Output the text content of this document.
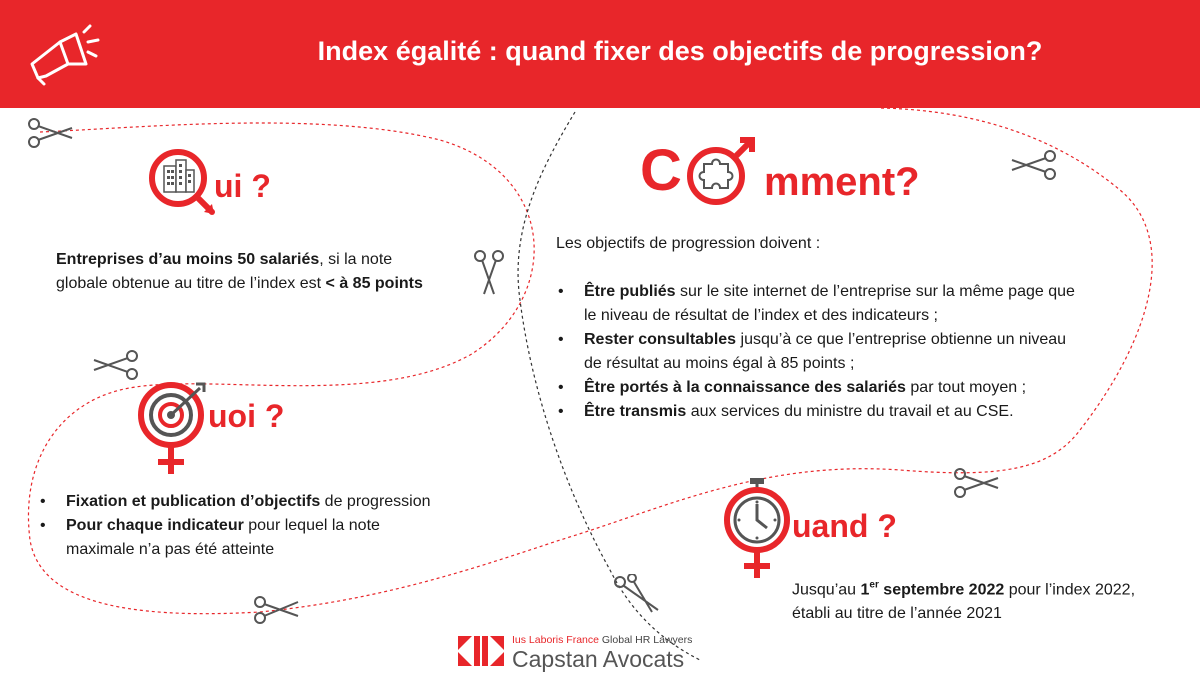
Index égalité : quand fixer des objectifs de progression?
ui ?
Entreprises d’au moins 50 salariés, si la note globale obtenue au titre de l’index est < à 85 points
uoi ?
• Fixation et publication d’objectifs de progression
• Pour chaque indicateur pour lequel la note maximale n’a pas été atteinte
C mment?
Les objectifs de progression doivent :
• Être publiés sur le site internet de l’entreprise sur la même page que le niveau de résultat de l’index et des indicateurs ;
• Rester consultables jusqu’à ce que l’entreprise obtienne un niveau de résultat au moins égal à 85 points ;
• Être portés à la connaissance des salariés par tout moyen ;
• Être transmis aux services du ministre du travail et au CSE.
uand ?
Jusqu’au 1er septembre 2022 pour l’index 2022, établi au titre de l’année 2021
Ius Laboris France Global HR Lawyers
Capstan Avocats
